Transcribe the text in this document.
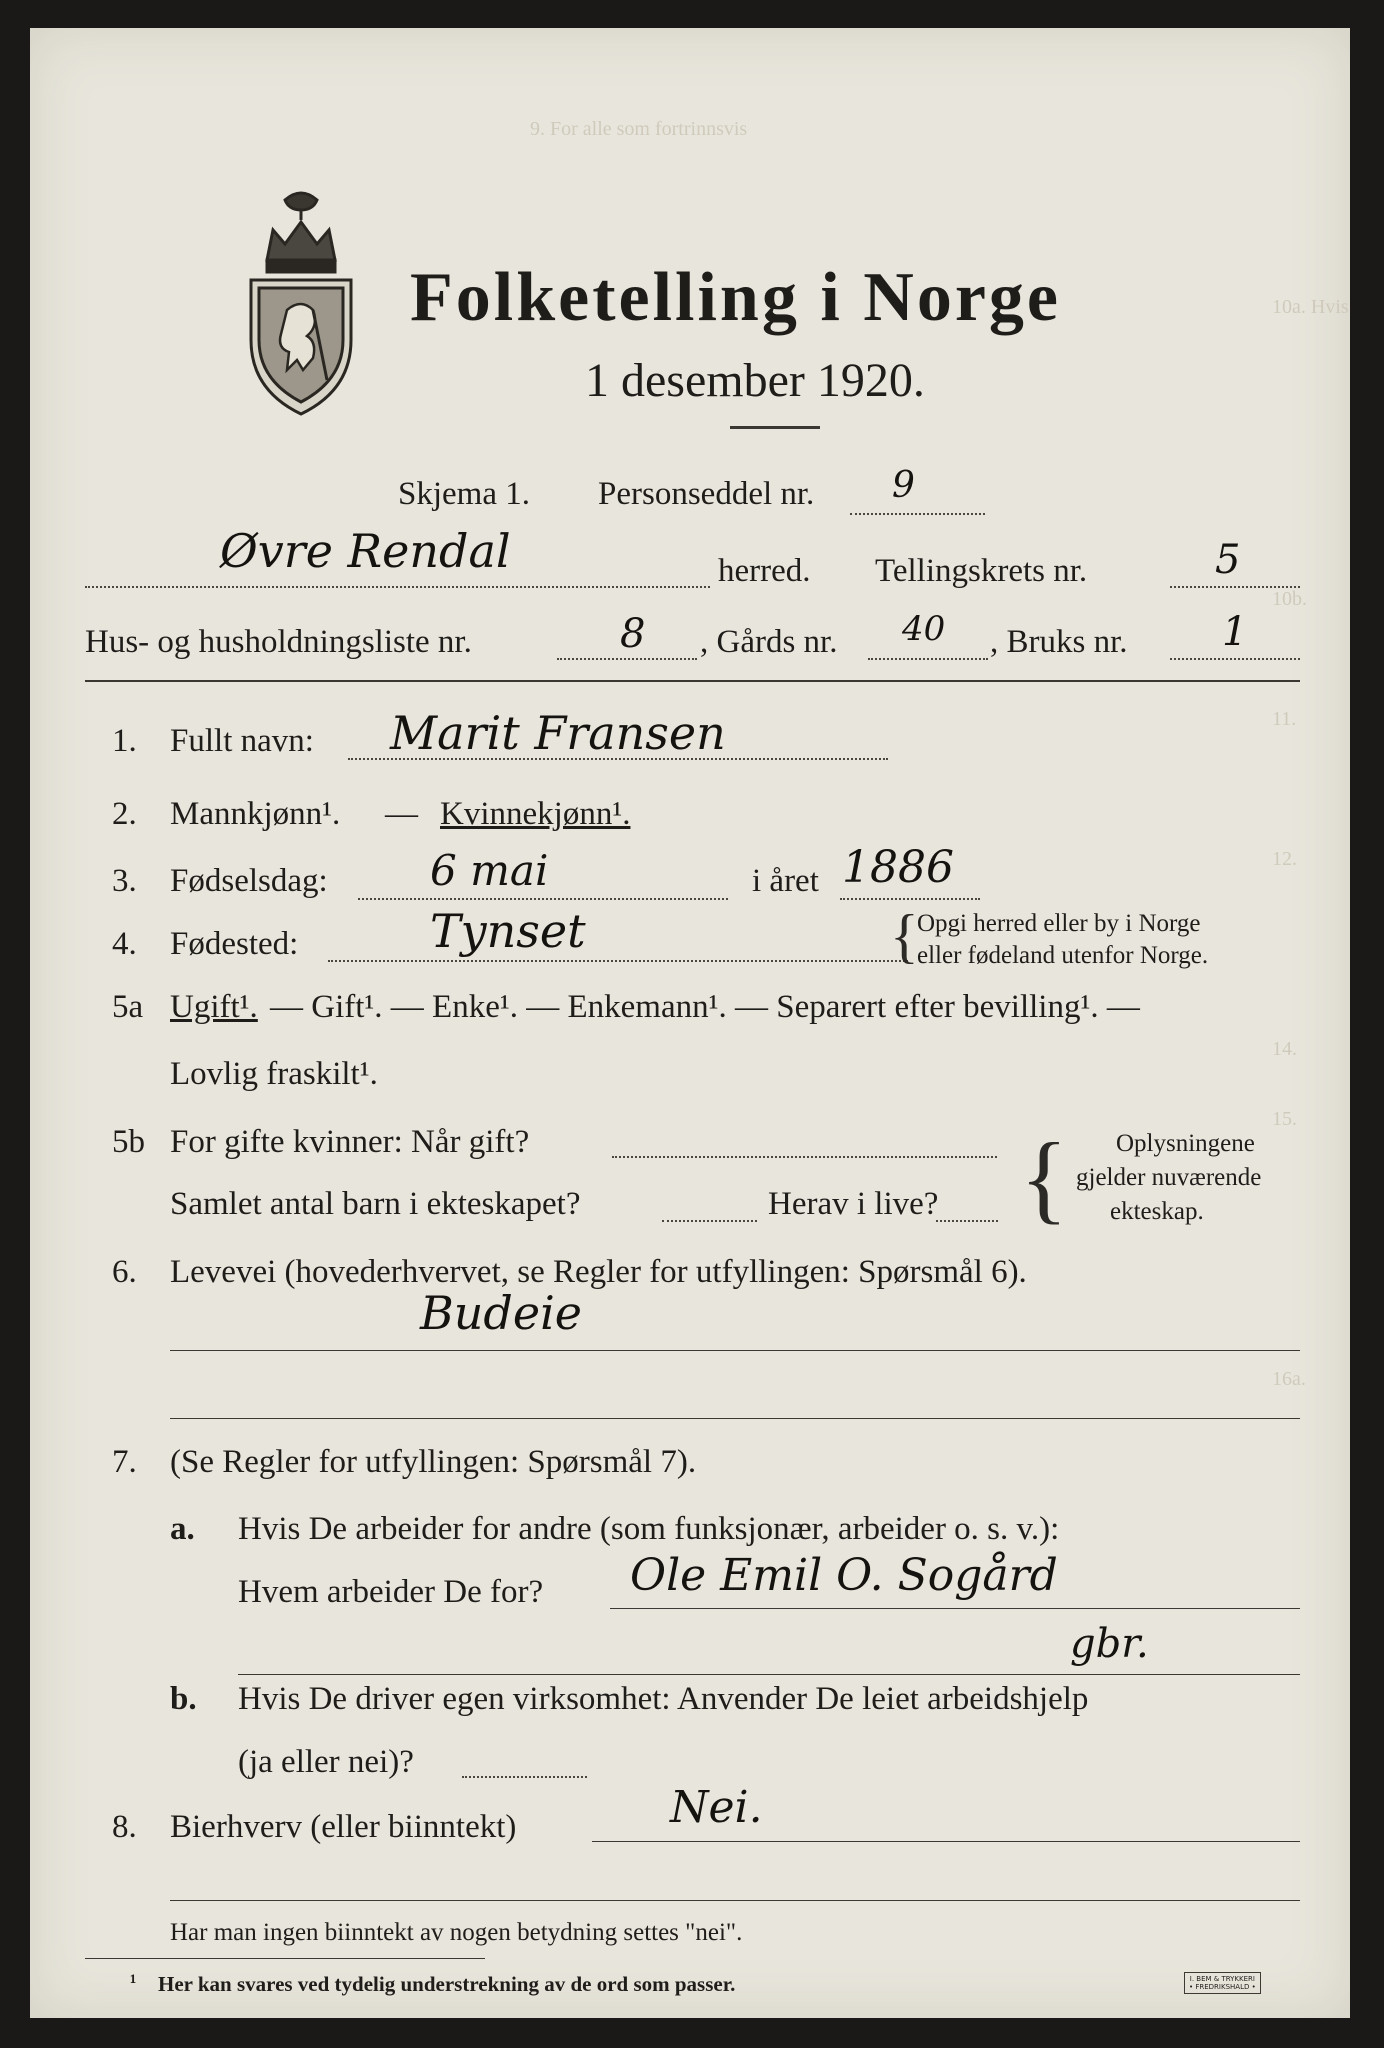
9. For alle som fortrinnsvis
10a. Hvis
10b.
11.
12.
14.
15.
16a.
Folketelling i Norge
1 desember 1920.
Skjema 1. Personseddel nr. 9
Øvre Rendal	herred. Tellingskrets nr.	5
Hus- og husholdningsliste nr.	8 , Gårds nr. 40 , Bruks nr. 1
1. Fullt navn: Marit Fransen
2. Mannkjønn¹. — Kvinnekjønn¹.
3. Fødselsdag: 6 mai	i året 1886
4. Fødested:	Tynset	{
Opgi herred eller by i Norge
eller fødeland utenfor Norge.
5a Ugift¹. — Gift¹. — Enke¹. — Enkemann¹. — Separert efter bevilling¹. —
Lovlig fraskilt¹.
5b For gifte kvinner: Når gift?
Samlet antal barn i ekteskapet?	Herav i live? { Oplysningene
gjelder nuværende
ekteskap.
6. Levevei (hovederhvervet, se Regler for utfyllingen: Spørsmål 6).
Budeie
7. (Se Regler for utfyllingen: Spørsmål 7).
a. Hvis De arbeider for andre (som funksjonær, arbeider o. s. v.):
Hvem arbeider De for? Ole Emil O. Sogård
gbr.
b. Hvis De driver egen virksomhet: Anvender De leiet arbeidshjelp
(ja eller nei)?
8. Bierhverv (eller biinntekt)	Nei.
Har man ingen biinntekt av nogen betydning settes "nei".
¹ Her kan svares ved tydelig understrekning av de ord som passer.	I. BEM & TRYKKERI
• FREDRIKSHALD •
